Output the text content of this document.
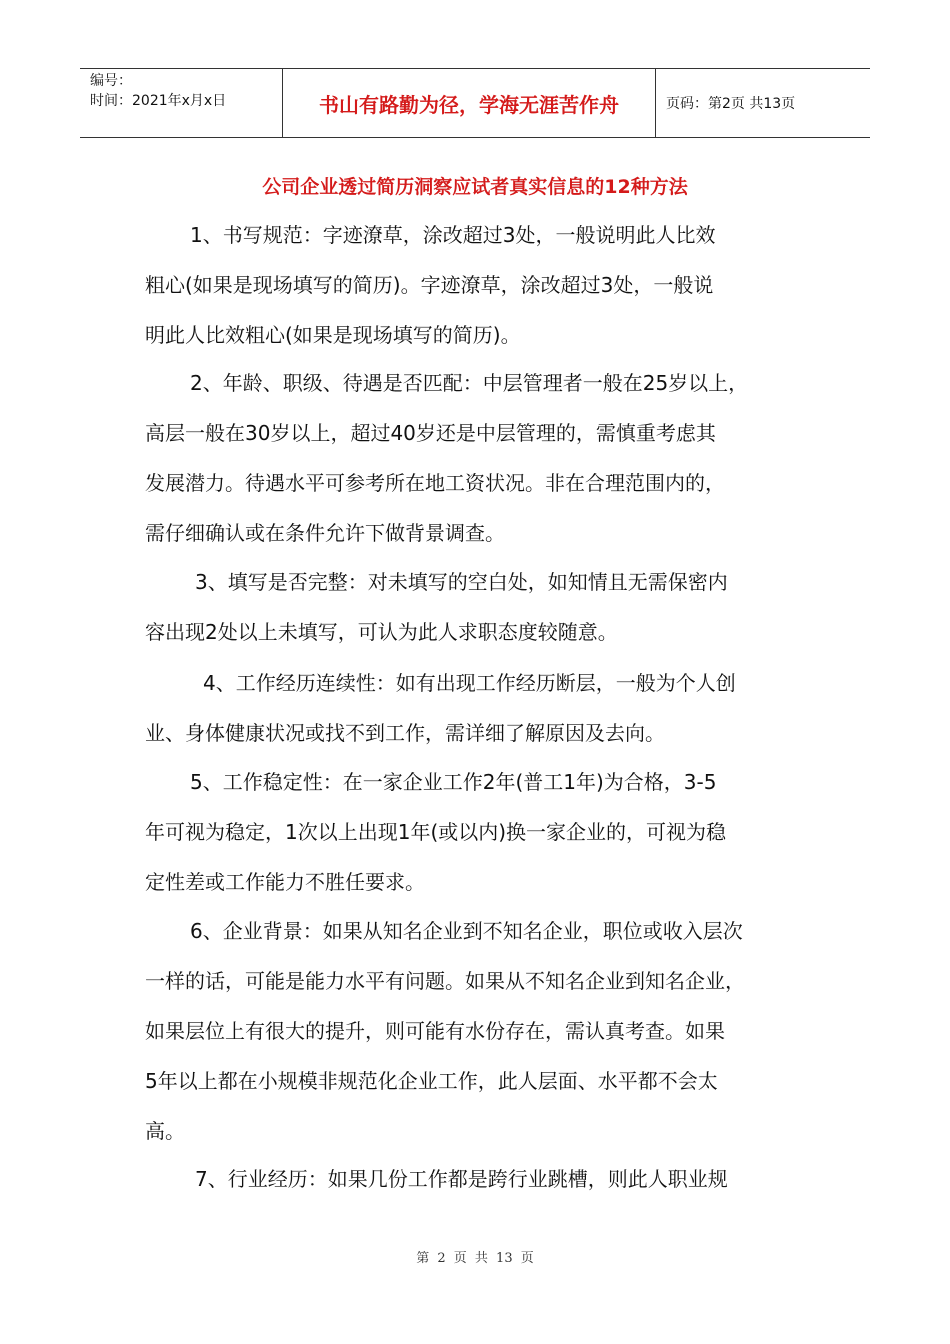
编号：
时间：2021年x月x日	书山有路勤为径，学海无涯苦作舟	页码：第2页 共13页
公司企业透过简历洞察应试者真实信息的12种方法
1、书写规范：字迹潦草，涂改超过3处，一般说明此人比效
粗心(如果是现场填写的简历)。字迹潦草，涂改超过3处，一般说
明此人比效粗心(如果是现场填写的简历)。
2、年龄、职级、待遇是否匹配：中层管理者一般在25岁以上，
高层一般在30岁以上，超过40岁还是中层管理的，需慎重考虑其
发展潜力。待遇水平可参考所在地工资状况。非在合理范围内的，
需仔细确认或在条件允许下做背景调查。
3、填写是否完整：对未填写的空白处，如知情且无需保密内
容出现2处以上未填写，可认为此人求职态度较随意。
4、工作经历连续性：如有出现工作经历断层，一般为个人创
业、身体健康状况或找不到工作，需详细了解原因及去向。
5、工作稳定性：在一家企业工作2年(普工1年)为合格，3-5
年可视为稳定，1次以上出现1年(或以内)换一家企业的，可视为稳
定性差或工作能力不胜任要求。
6、企业背景：如果从知名企业到不知名企业，职位或收入层次
一样的话，可能是能力水平有问题。如果从不知名企业到知名企业，
如果层位上有很大的提升，则可能有水份存在，需认真考查。如果
5年以上都在小规模非规范化企业工作，此人层面、水平都不会太
高。
7、行业经历：如果几份工作都是跨行业跳槽，则此人职业规
第 2 页 共 13 页
